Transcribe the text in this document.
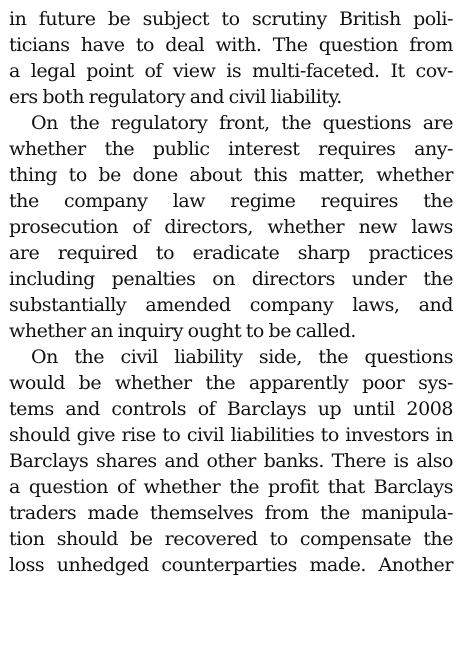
in future be subject to scrutiny British poli-
ticians have to deal with. The question from
a legal point of view is multi-faceted. It cov-
ers both regulatory and civil liability.
On the regulatory front, the questions are
whether the public interest requires any-
thing to be done about this matter, whether
the company law regime requires the
prosecution of directors, whether new laws
are required to eradicate sharp practices
including penalties on directors under the
substantially amended company laws, and
whether an inquiry ought to be called.
On the civil liability side, the questions
would be whether the apparently poor sys-
tems and controls of Barclays up until 2008
should give rise to civil liabilities to investors in
Barclays shares and other banks. There is also
a question of whether the profit that Barclays
traders made themselves from the manipula-
tion should be recovered to compensate the
loss unhedged counterparties made. Another
